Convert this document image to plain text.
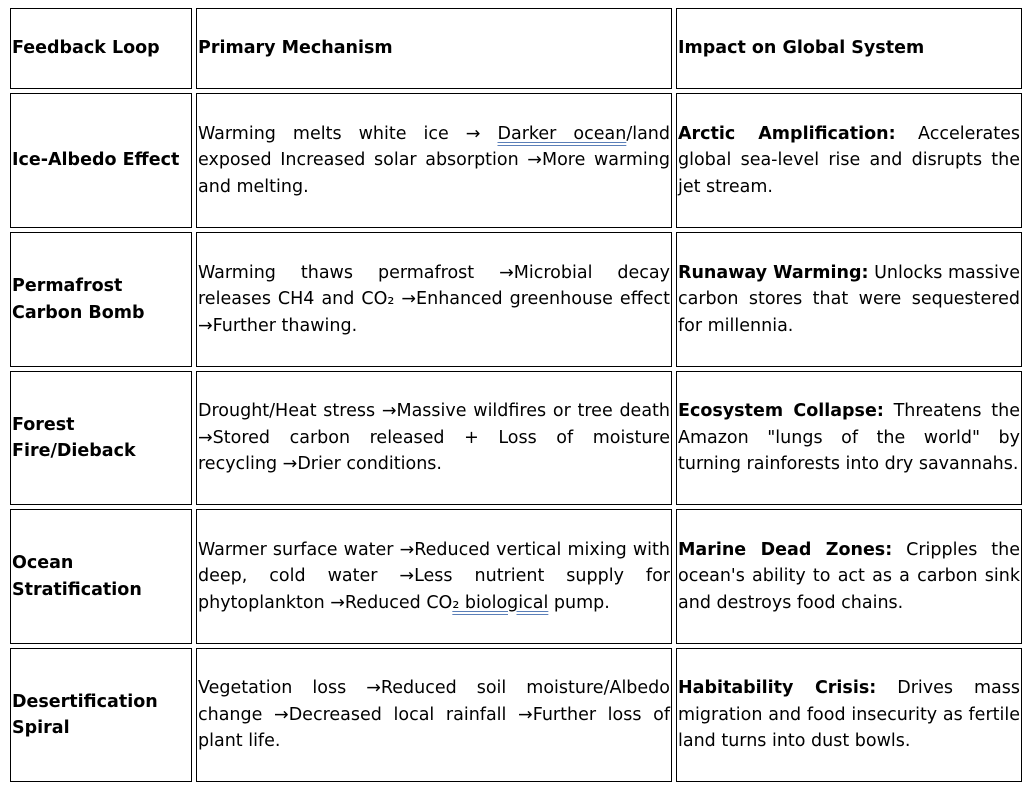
Feedback Loop	Primary Mechanism	Impact on Global System
Ice-Albedo Effect
Warming melts white ice → Darker ocean/land exposed Increased solar absorption →More warming and melting.
Arctic Amplification: Accelerates global sea-level rise and disrupts the jet stream.
Permafrost Carbon Bomb
Warming thaws permafrost →Microbial decay releases CH4 and CO₂ →Enhanced greenhouse effect →Further thawing.
Runaway Warming: Unlocks massive carbon stores that were sequestered for millennia.
Forest Fire/Dieback
Drought/Heat stress →Massive wildfires or tree death →Stored carbon released + Loss of moisture recycling →Drier conditions.
Ecosystem Collapse: Threatens the Amazon "lungs of the world" by turning rainforests into dry savannahs.
Ocean Stratification
Warmer surface water →Reduced vertical mixing with deep, cold water →Less nutrient supply for phytoplankton →Reduced CO₂ biological pump.
Marine Dead Zones: Cripples the ocean's ability to act as a carbon sink and destroys food chains.
Desertification Spiral
Vegetation loss →Reduced soil moisture/Albedo change →Decreased local rainfall →Further loss of plant life.
Habitability Crisis: Drives mass migration and food insecurity as fertile land turns into dust bowls.
